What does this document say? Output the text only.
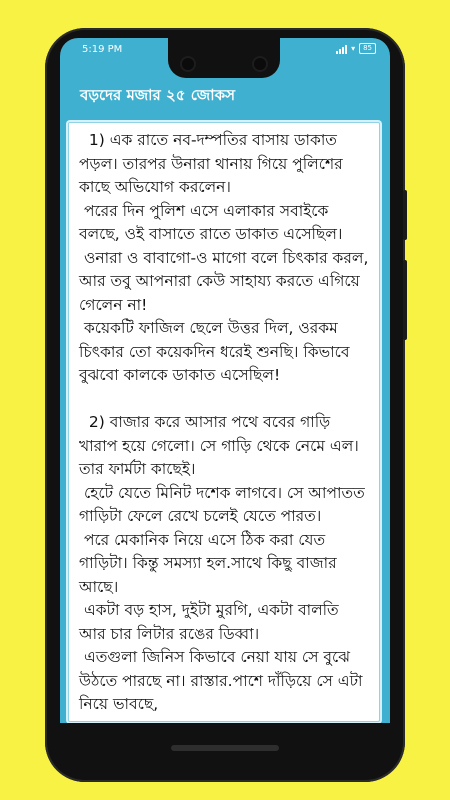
5:19 PM	▾	85
বড়দের মজার ২৫ জোকস

1) এক রাতে নব-দম্পতির বাসায় ডাকাত পড়ল। তারপর উনারা থানায় গিয়ে পুলিশের কাছে অভিযোগ করলেন।
পরের দিন পুলিশ এসে এলাকার সবাইকে বলছে, ওই বাসাতে রাতে ডাকাত এসেছিল।
ওনারা ও বাবাগো-ও মাগো বলে চিৎকার করল, আর তবু আপনারা কেউ সাহায্য করতে এগিয়ে গেলেন না!
কয়েকটি ফাজিল ছেলে উত্তর দিল, ওরকম চিৎকার তো কয়েকদিন ধরেই শুনছি। কিভাবে বুঝবো কালকে ডাকাত এসেছিল!

2) বাজার করে আসার পথে ববের গাড়ি খারাপ হয়ে গেলো। সে গাড়ি থেকে নেমে এল। তার ফার্মটা কাছেই।
হেটে যেতে মিনিট দশেক লাগবে। সে আপাতত গাড়িটা ফেলে রেখে চলেই যেতে পারত।
পরে মেকানিক নিয়ে এসে ঠিক করা যেত গাড়িটা। কিন্তু সমস্যা হল.সাথে কিছু বাজার আছে।
একটা বড় হাস, দুইটা মুরগি, একটা বালতি আর চার লিটার রঙের ডিব্বা।
এতগুলা জিনিস কিভাবে নেয়া যায় সে বুঝে উঠতে পারছে না। রাস্তার.পাশে দাঁড়িয়ে সে এটা নিয়ে ভাবছে,
